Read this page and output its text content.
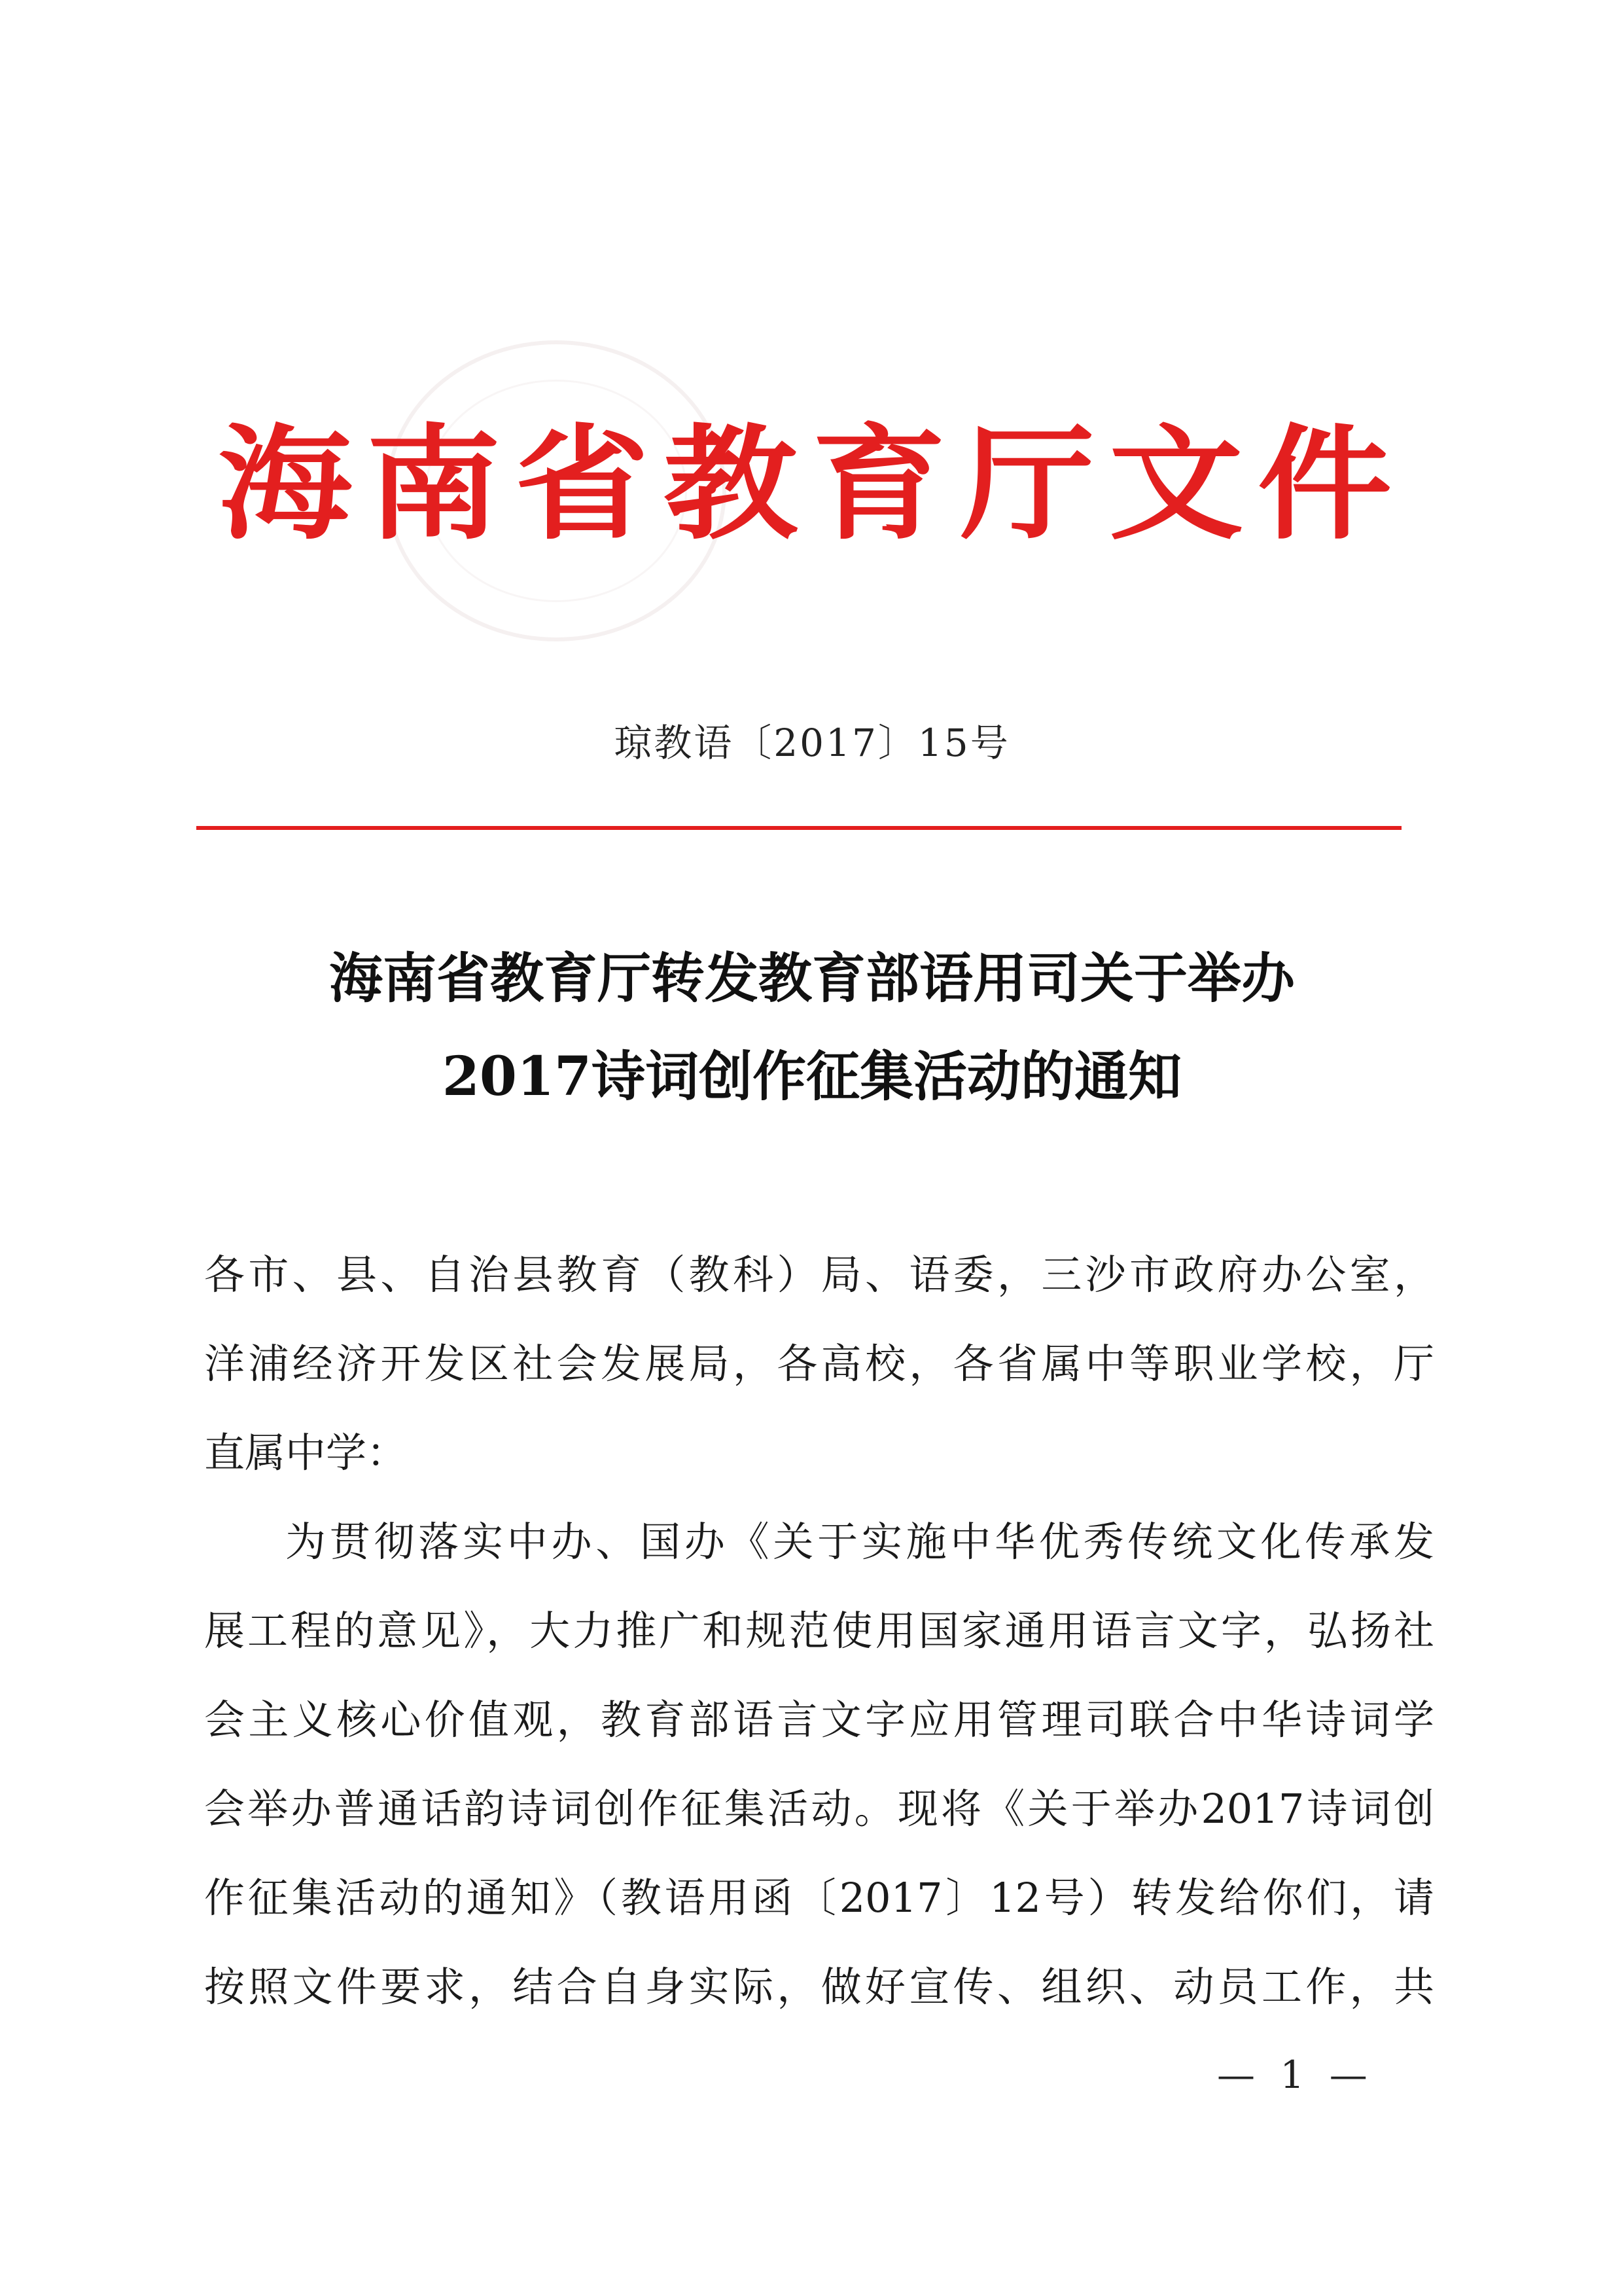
海南省教育厅文件
琼教语〔2017〕15号
海南省教育厅转发教育部语用司关于举办
2017诗词创作征集活动的通知
各市、县、自治县教育（教科）局、语委，三沙市政府办公室，
洋浦经济开发区社会发展局，各高校，各省属中等职业学校，厅
直属中学：
为贯彻落实中办、国办《关于实施中华优秀传统文化传承发
展工程的意见》，大力推广和规范使用国家通用语言文字，弘扬社
会主义核心价值观，教育部语言文字应用管理司联合中华诗词学
会举办普通话韵诗词创作征集活动。现将《关于举办2017诗词创
作征集活动的通知》（教语用函〔2017〕12号）转发给你们，请
按照文件要求，结合自身实际，做好宣传、组织、动员工作，共
— 1 —
